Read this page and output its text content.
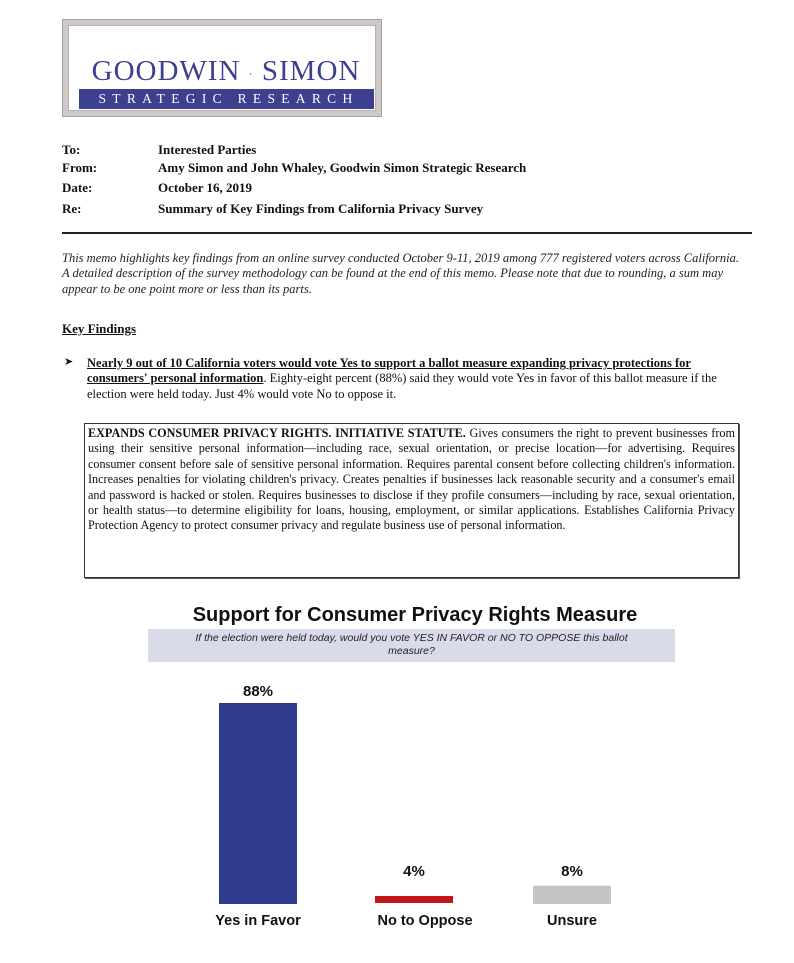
GOODWIN · SIMON
STRATEGIC RESEARCH
To:	Interested Parties
From:	Amy Simon and John Whaley, Goodwin Simon Strategic Research
Date:	October 16, 2019
Re:	Summary of Key Findings from California Privacy Survey

This memo highlights key findings from an online survey conducted October 9-11, 2019 among 777 registered voters across California. A detailed description of the survey methodology can be found at the end of this memo. Please note that due to rounding, a sum may appear to be one point more or less than its parts.

Key Findings
➤ Nearly 9 out of 10 California voters would vote Yes to support a ballot measure expanding privacy protections for consumers' personal information. Eighty-eight percent (88%) said they would vote Yes in favor of this ballot measure if the election were held today. Just 4% would vote No to oppose it.

EXPANDS CONSUMER PRIVACY RIGHTS. INITIATIVE STATUTE. Gives consumers the right to prevent businesses from using their sensitive personal information—including race, sexual orientation, or precise location—for advertising. Requires consumer consent before sale of sensitive personal information. Requires parental consent before collecting children's information. Increases penalties for violating children's privacy. Creates penalties if businesses lack reasonable security and a consumer's email and password is hacked or stolen. Requires businesses to disclose if they profile consumers—including by race, sexual orientation, or health status—to determine eligibility for loans, housing, employment, or similar applications. Establishes California Privacy Protection Agency to protect consumer privacy and regulate business use of personal information.
Support for Consumer Privacy Rights Measure
If the election were held today, would you vote YES IN FAVOR or NO TO OPPOSE this ballot measure?
88%
Yes in Favor
4%
No to Oppose
8%
Unsure
